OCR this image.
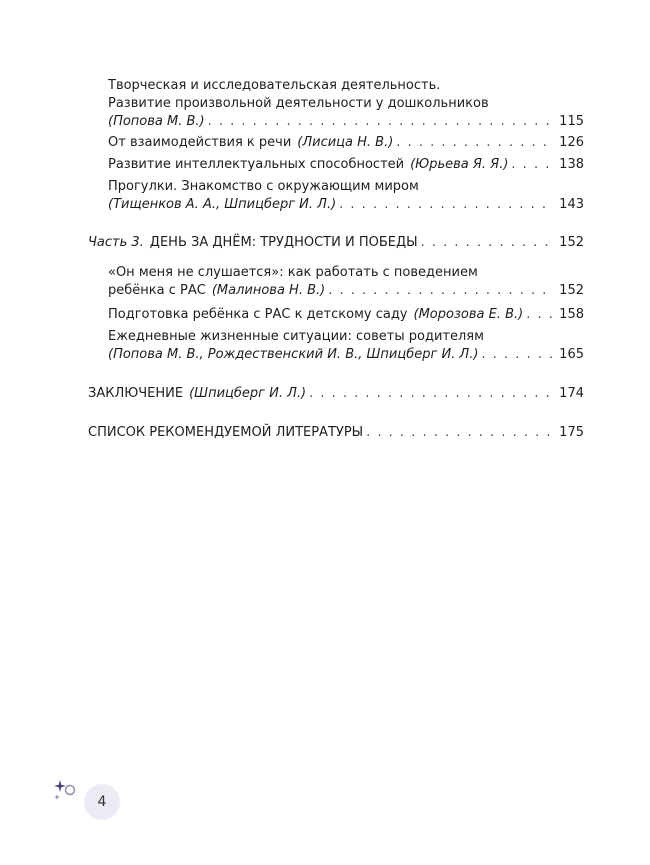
Творческая и исследовательская деятельность.
Развитие произвольной деятельности у дошкольников
(Попова М. В.) . . .	115
От взаимодействия к речи (Лисица Н. В.) . . .	126
Развитие интеллектуальных способностей (Юрьева Я. Я.) . . .	138
Прогулки. Знакомство с окружающим миром
(Тищенков А. А., Шпицберг И. Л.) . . .	143
Часть 3. ДЕНЬ ЗА ДНЁМ: ТРУДНОСТИ И ПОБЕДЫ . . .	152
«Он меня не слушается»: как работать с поведением
ребёнка с РАС (Малинова Н. В.) . . .	152
Подготовка ребёнка с РАС к детскому саду (Морозова Е. В.) . . .	158
Ежедневные жизненные ситуации: советы родителям
(Попова М. В., Рождественский И. В., Шпицберг И. Л.) . . .	165
ЗАКЛЮЧЕНИЕ (Шпицберг И. Л.) . . .	174
СПИСОК РЕКОМЕНДУЕМОЙ ЛИТЕРАТУРЫ . . .	175
4
